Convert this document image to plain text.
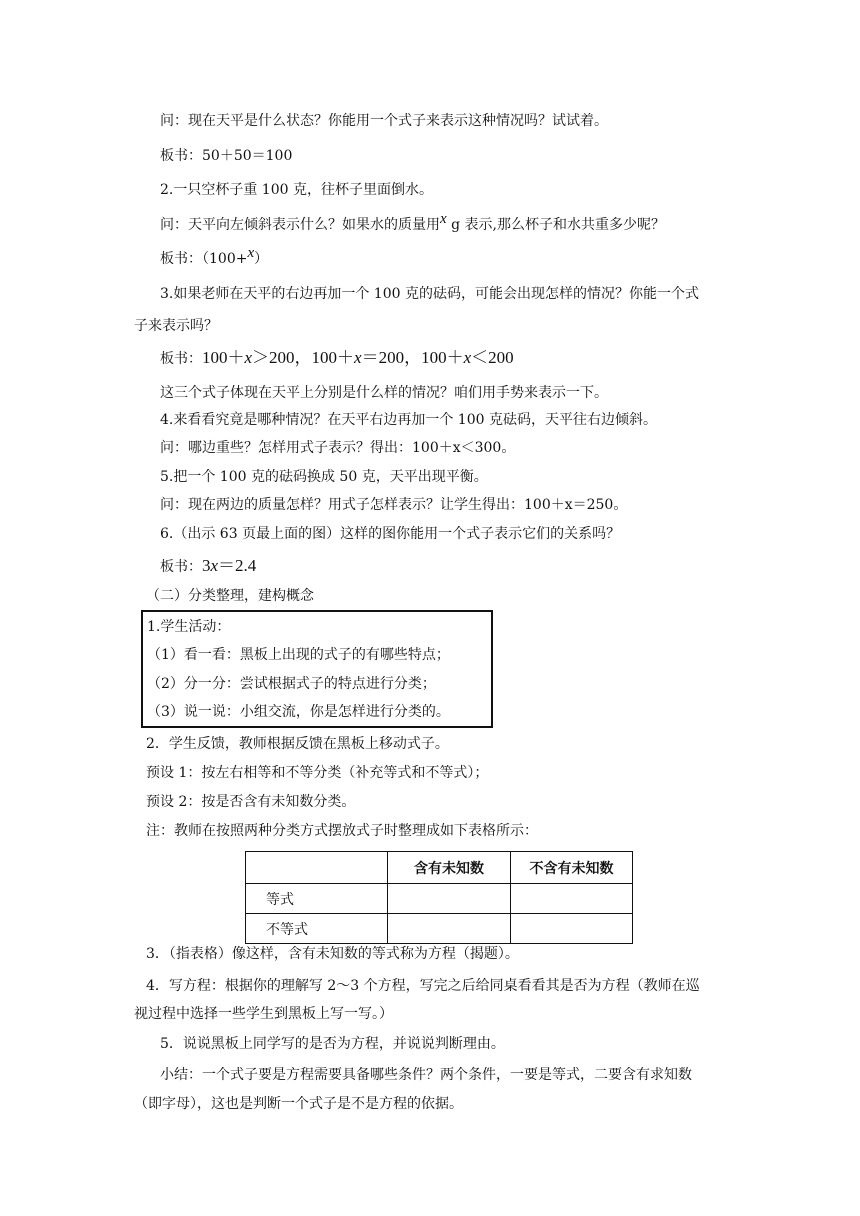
问：现在天平是什么状态？你能用一个式子来表示这种情况吗？试试着。
板书：50＋50＝100
2.一只空杯子重 100 克，往杯子里面倒水。
问：天平向左倾斜表示什么？如果水的质量用x g 表示,那么杯子和水共重多少呢？
板书：（100+x）
3.如果老师在天平的右边再加一个 100 克的砝码，可能会出现怎样的情况？你能一个式
子来表示吗？
板书：100＋x＞200，100＋x＝200，100＋x＜200
这三个式子体现在天平上分别是什么样的情况？咱们用手势来表示一下。
4.来看看究竟是哪种情况？在天平右边再加一个 100 克砝码，天平往右边倾斜。
问：哪边重些？怎样用式子表示？得出：100＋x＜300。
5.把一个 100 克的砝码换成 50 克，天平出现平衡。
问：现在两边的质量怎样？用式子怎样表示？让学生得出：100＋x＝250。
6.（出示 63 页最上面的图）这样的图你能用一个式子表示它们的关系吗？
板书：3x＝2.4
（二）分类整理，建构概念
1.学生活动：
（1）看一看：黑板上出现的式子的有哪些特点；
（2）分一分：尝试根据式子的特点进行分类；
（3）说一说：小组交流，你是怎样进行分类的。
2．学生反馈，教师根据反馈在黑板上移动式子。
预设 1：按左右相等和不等分类（补充等式和不等式）；
预设 2：按是否含有未知数分类。
注：教师在按照两种分类方式摆放式子时整理成如下表格所示：
	含有未知数	不含有未知数
等式		
不等式		
3．（指表格）像这样，含有未知数的等式称为方程（揭题）。
4．写方程：根据你的理解写 2～3 个方程，写完之后给同桌看看其是否为方程（教师在巡
视过程中选择一些学生到黑板上写一写。）
5．说说黑板上同学写的是否为方程，并说说判断理由。
小结：一个式子要是方程需要具备哪些条件？两个条件，一要是等式，二要含有求知数
（即字母），这也是判断一个式子是不是方程的依据。
